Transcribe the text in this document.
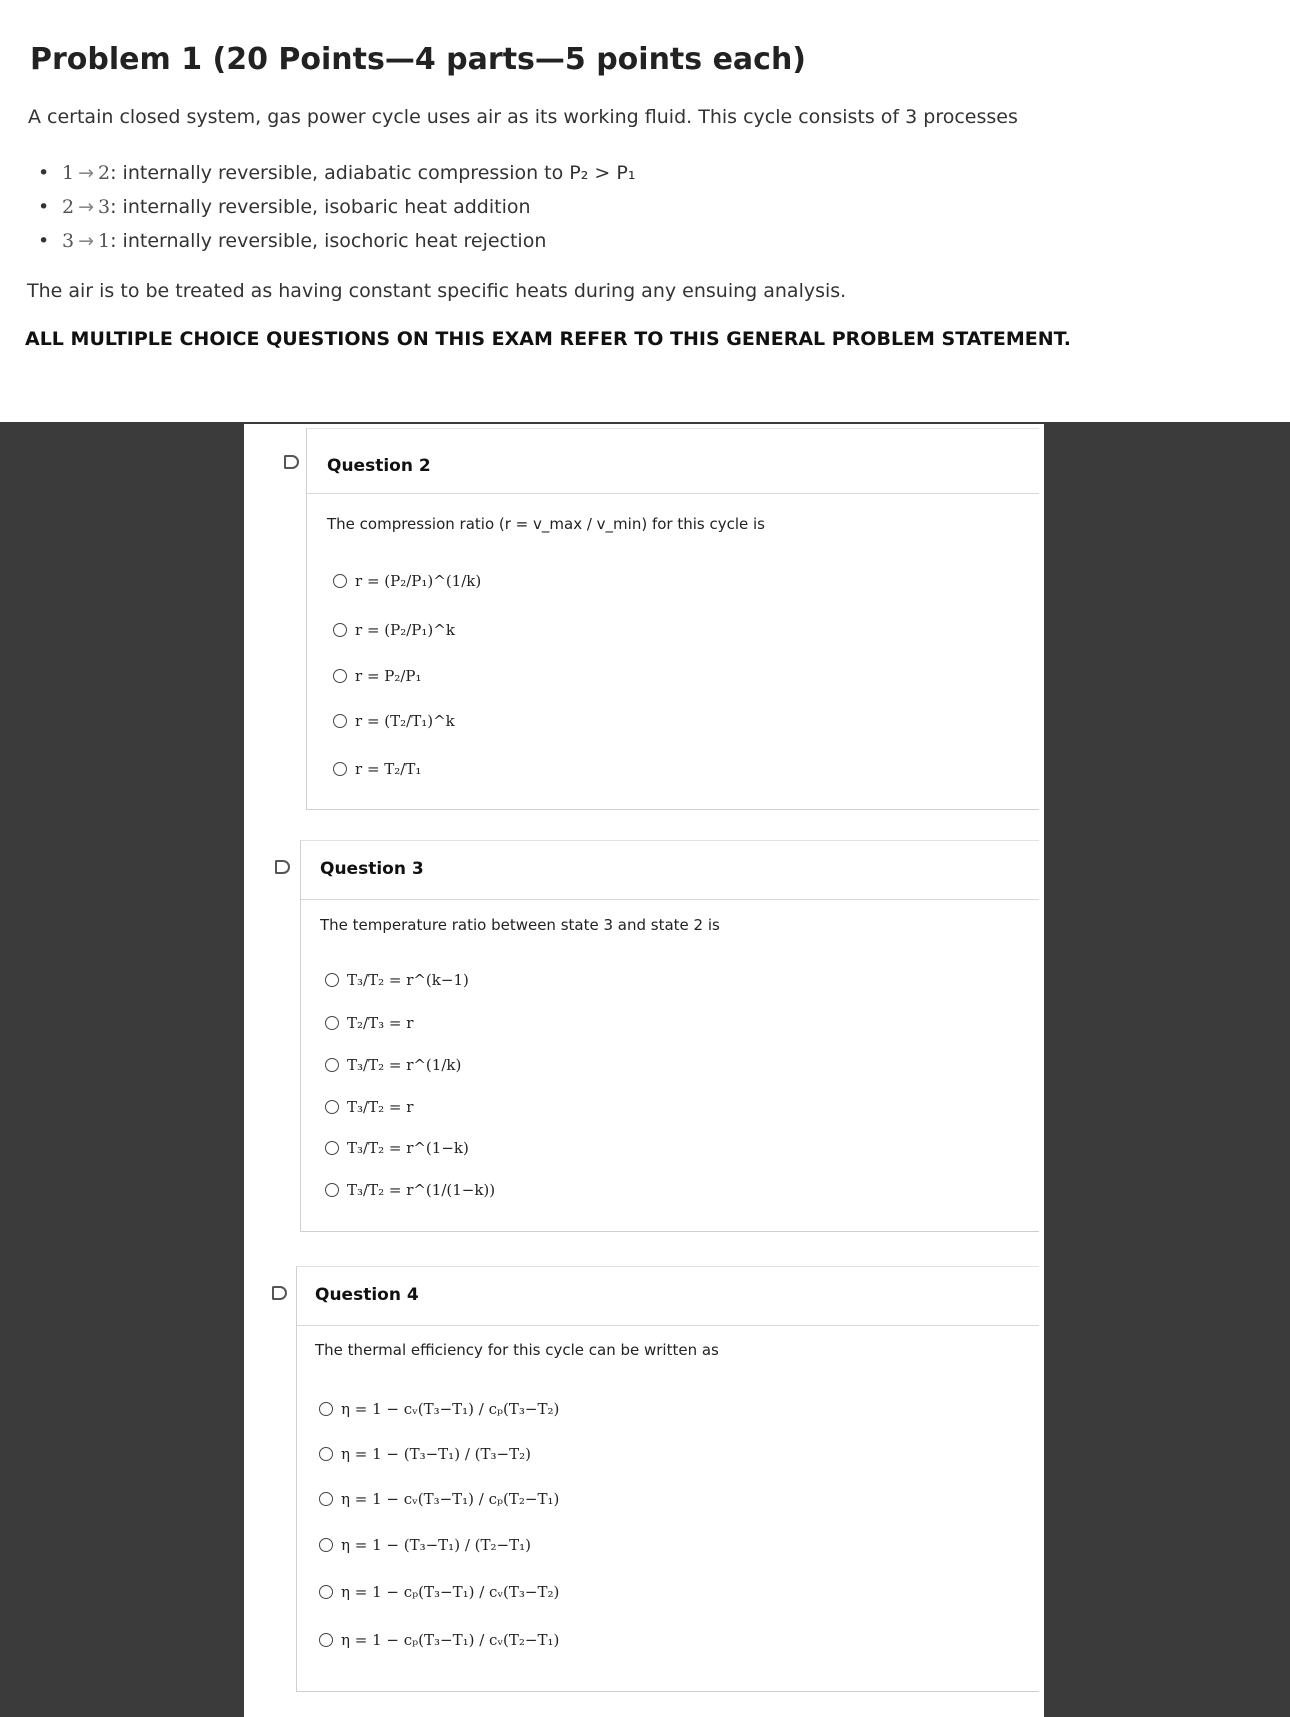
Problem 1 (20 Points—4 parts—5 points each)
A certain closed system, gas power cycle uses air as its working fluid. This cycle consists of 3 processes
• 1 → 2: internally reversible, adiabatic compression to P₂ > P₁
• 2 → 3: internally reversible, isobaric heat addition
• 3 → 1: internally reversible, isochoric heat rejection
The air is to be treated as having constant specific heats during any ensuing analysis.
ALL MULTIPLE CHOICE QUESTIONS ON THIS EXAM REFER TO THIS GENERAL PROBLEM STATEMENT.
Question 2
The compression ratio (r = v_max / v_min) for this cycle is
r = (P₂/P₁)^(1/k)
r = (P₂/P₁)^k
r = P₂/P₁
r = (T₂/T₁)^k
r = T₂/T₁
Question 3
The temperature ratio between state 3 and state 2 is
T₃/T₂ = r^(k−1)
T₂/T₃ = r
T₃/T₂ = r^(1/k)
T₃/T₂ = r
T₃/T₂ = r^(1−k)
T₃/T₂ = r^(1/(1−k))
Question 4
The thermal efficiency for this cycle can be written as
η = 1 − cᵥ(T₃−T₁) / cₚ(T₃−T₂)
η = 1 − (T₃−T₁) / (T₃−T₂)
η = 1 − cᵥ(T₃−T₁) / cₚ(T₂−T₁)
η = 1 − (T₃−T₁) / (T₂−T₁)
η = 1 − cₚ(T₃−T₁) / cᵥ(T₃−T₂)
η = 1 − cₚ(T₃−T₁) / cᵥ(T₂−T₁)
